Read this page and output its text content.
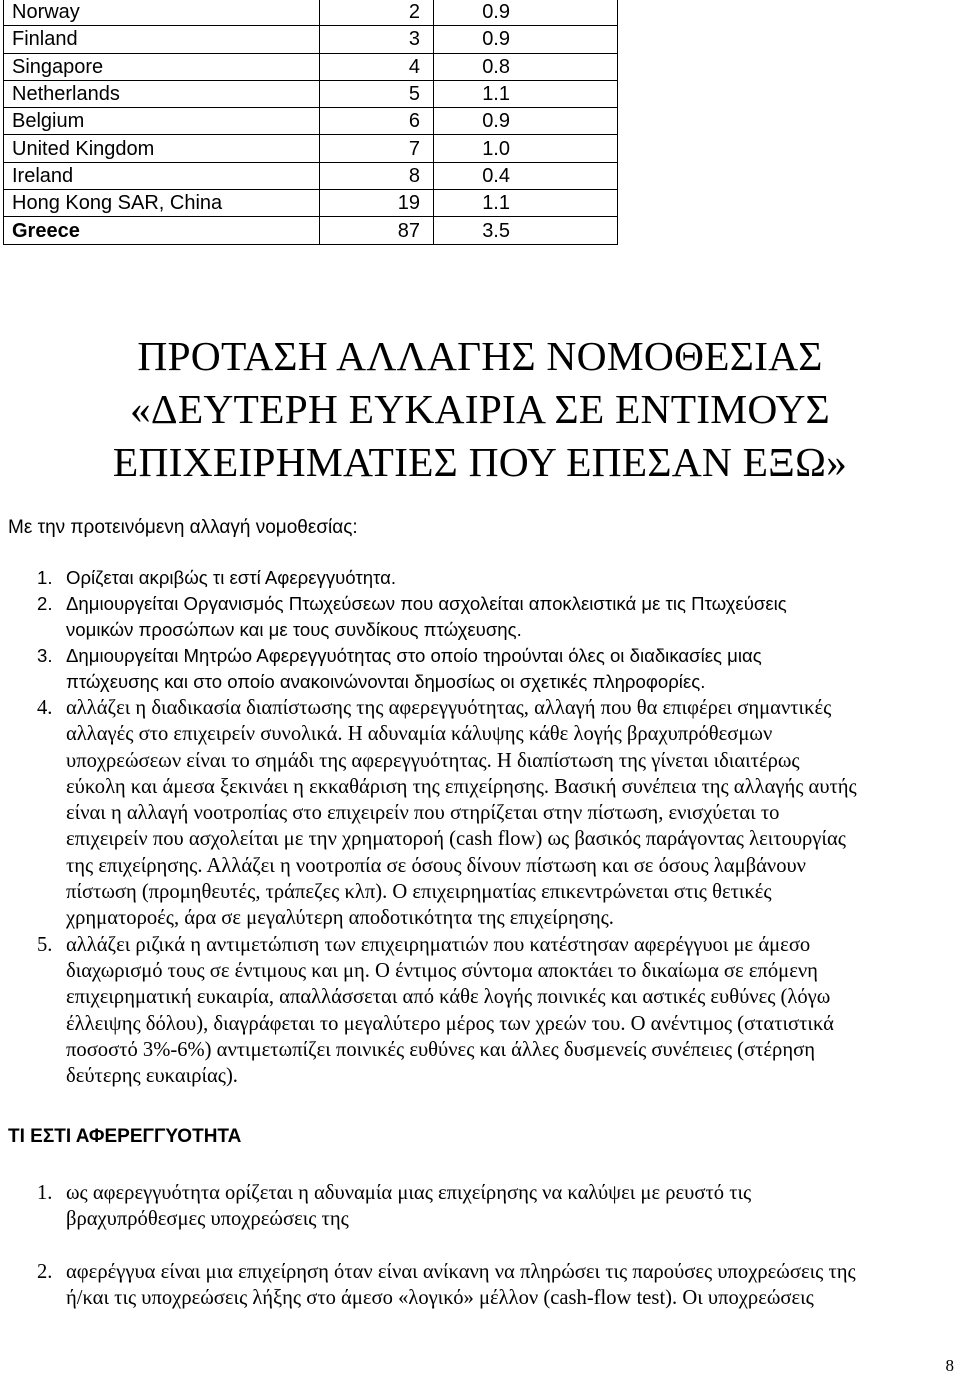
Norway	2	0.9
Finland	3	0.9
Singapore	4	0.8
Netherlands	5	1.1
Belgium	6	0.9
United Kingdom	7	1.0
Ireland	8	0.4
Hong Kong SAR, China	19	1.1
Greece	87	3.5
ΠΡΟΤΑΣΗ ΑΛΛΑΓΗΣ ΝΟΜΟΘΕΣΙΑΣ
«ΔΕΥΤΕΡΗ ΕΥΚΑΙΡΙΑ ΣΕ ΕΝΤΙΜΟΥΣ
ΕΠΙΧΕΙΡΗΜΑΤΙΕΣ ΠΟΥ ΕΠΕΣΑΝ ΕΞΩ»
Με την προτεινόμενη αλλαγή νομοθεσίας:
1. Ορίζεται ακριβώς τι εστί Αφερεγγυότητα.
2. Δημιουργείται Οργανισμός Πτωχεύσεων που ασχολείται αποκλειστικά με τις Πτωχεύσεις
νομικών προσώπων και με τους συνδίκους πτώχευσης.
3. Δημιουργείται Μητρώο Αφερεγγυότητας στο οποίο τηρούνται όλες οι διαδικασίες μιας
πτώχευσης και στο οποίο ανακοινώνονται δημοσίως οι σχετικές πληροφορίες.
4. αλλάζει η διαδικασία διαπίστωσης της αφερεγγυότητας, αλλαγή που θα επιφέρει σημαντικές
αλλαγές στο επιχειρείν συνολικά. Η αδυναμία κάλυψης κάθε λογής βραχυπρόθεσμων
υποχρεώσεων είναι το σημάδι της αφερεγγυότητας. Η διαπίστωση της γίνεται ιδιαιτέρως
εύκολη και άμεσα ξεκινάει η εκκαθάριση της επιχείρησης. Βασική συνέπεια της αλλαγής αυτής
είναι η αλλαγή νοοτροπίας στο επιχειρείν που στηρίζεται στην πίστωση, ενισχύεται το
επιχειρείν που ασχολείται με την χρηματοροή (cash flow) ως βασικός παράγοντας λειτουργίας
της επιχείρησης. Αλλάζει η νοοτροπία σε όσους δίνουν πίστωση και σε όσους λαμβάνουν
πίστωση (προμηθευτές, τράπεζες κλπ). Ο επιχειρηματίας επικεντρώνεται στις θετικές
χρηματοροές, άρα σε μεγαλύτερη αποδοτικότητα της επιχείρησης.
5. αλλάζει ριζικά η αντιμετώπιση των επιχειρηματιών που κατέστησαν αφερέγγυοι με άμεσο
διαχωρισμό τους σε έντιμους και μη. Ο έντιμος σύντομα αποκτάει το δικαίωμα σε επόμενη
επιχειρηματική ευκαιρία, απαλλάσσεται από κάθε λογής ποινικές και αστικές ευθύνες (λόγω
έλλειψης δόλου), διαγράφεται το μεγαλύτερο μέρος των χρεών του. Ο ανέντιμος (στατιστικά
ποσοστό 3%-6%) αντιμετωπίζει ποινικές ευθύνες και άλλες δυσμενείς συνέπειες (στέρηση
δεύτερης ευκαιρίας).
ΤΙ ΕΣΤΙ ΑΦΕΡΕΓΓΥΟΤΗΤΑ
1. ως αφερεγγυότητα ορίζεται η αδυναμία μιας επιχείρησης να καλύψει με ρευστό τις
βραχυπρόθεσμες υποχρεώσεις της
2. αφερέγγυα είναι μια επιχείρηση όταν είναι ανίκανη να πληρώσει τις παρούσες υποχρεώσεις της
ή/και τις υποχρεώσεις λήξης στο άμεσο «λογικό» μέλλον (cash-flow test). Οι υποχρεώσεις
8
